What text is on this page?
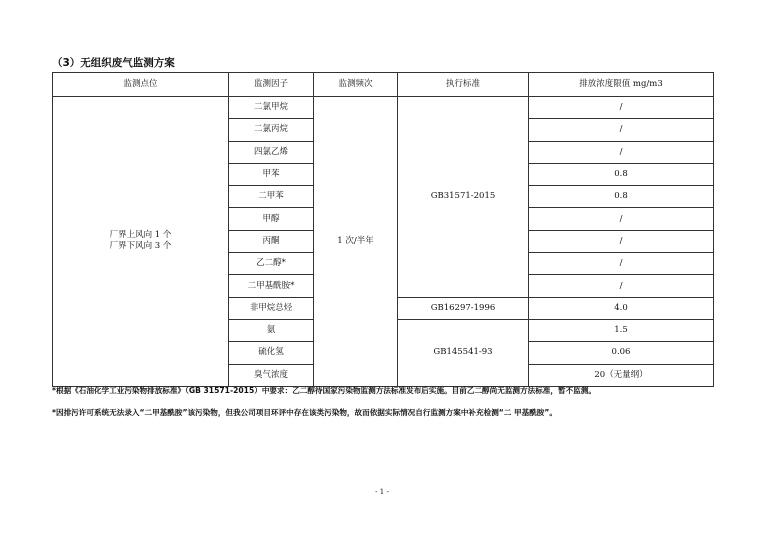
（3）无组织废气监测方案
监测点位	监测因子	监测频次	执行标准	排放浓度限值 mg/m3

厂界上风向 1 个
厂界下风向 3 个	二氯甲烷	1 次/半年	GB31571-2015	/
	二氯丙烷			/
	四氯乙烯			/
	甲苯			0.8
	二甲苯			0.8
	甲醇			/
	丙酮			/
	乙二醇*			/
	二甲基酰胺*			/
	非甲烷总烃		GB16297-1996	4.0
	氨		GB145541-93	1.5
	硫化氢			0.06
	臭气浓度			20（无量纲）
*根据《石油化学工业污染物排放标准》（GB 31571-2015）中要求：乙二醇待国家污染物监测方法标准发布后实施。目前乙二醇尚无监测方法标准，暂不监测。
*因排污许可系统无法录入“二甲基酰胺”该污染物，但我公司项目环评中存在该类污染物，故而依据实际情况自行监测方案中补充检测“二 甲基酰胺”。
- 1 -
